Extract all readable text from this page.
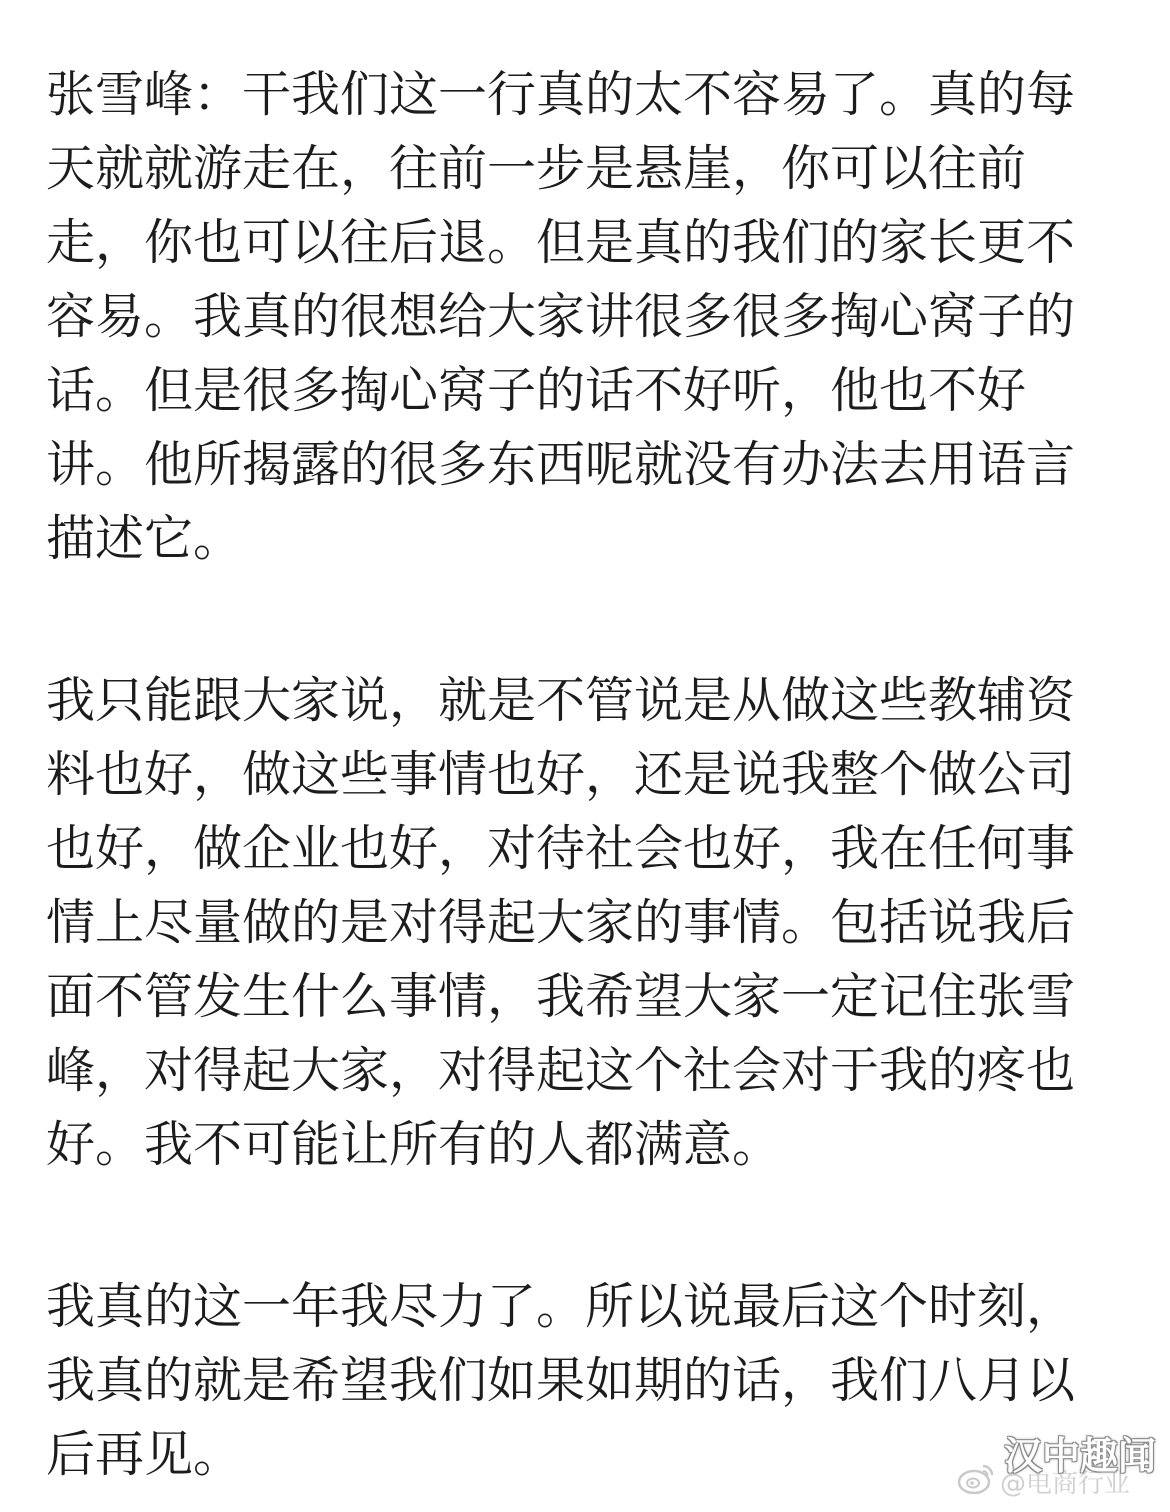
张雪峰：干我们这一行真的太不容易了。真的每
天就就游走在，往前一步是悬崖，你可以往前
走，你也可以往后退。但是真的我们的家长更不
容易。我真的很想给大家讲很多很多掏心窝子的
话。但是很多掏心窝子的话不好听，他也不好
讲。他所揭露的很多东西呢就没有办法去用语言
描述它。
我只能跟大家说，就是不管说是从做这些教辅资
料也好，做这些事情也好，还是说我整个做公司
也好，做企业也好，对待社会也好，我在任何事
情上尽量做的是对得起大家的事情。包括说我后
面不管发生什么事情，我希望大家一定记住张雪
峰，对得起大家，对得起这个社会对于我的疼也
好。我不可能让所有的人都满意。
我真的这一年我尽力了。所以说最后这个时刻，
我真的就是希望我们如果如期的话，我们八月以
后再见。
@电商行业
汉中趣闻
